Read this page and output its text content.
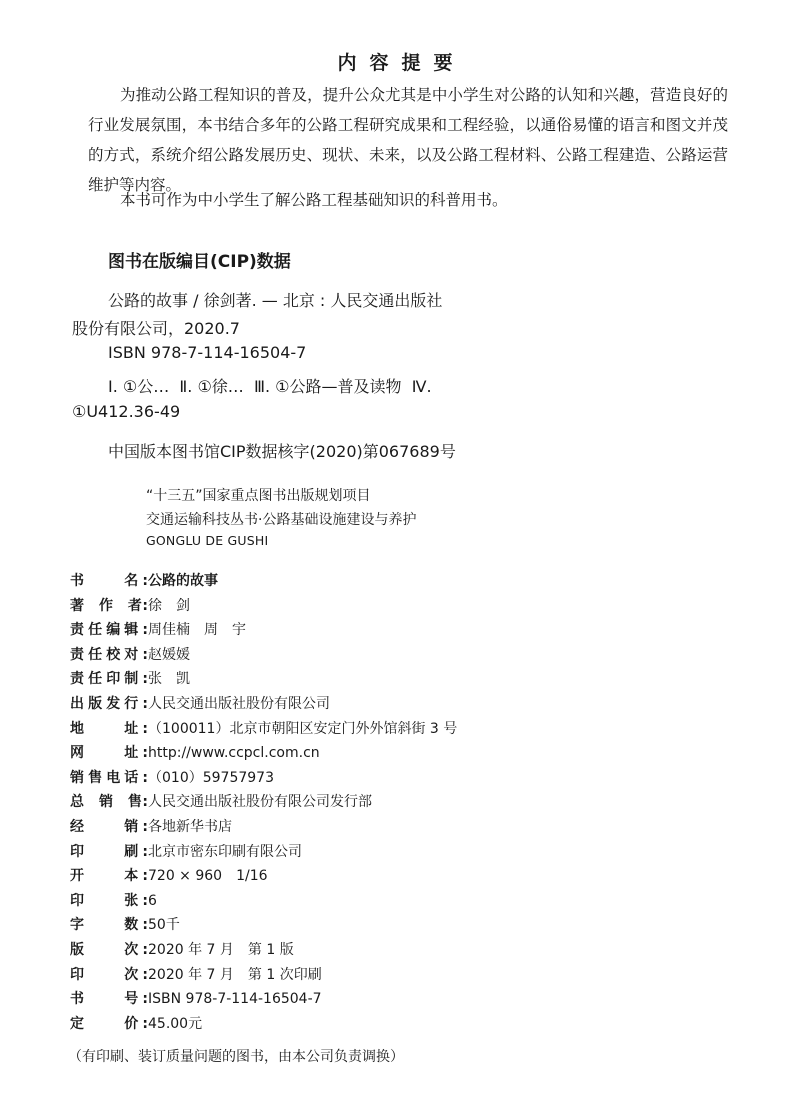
内容提要

为推动公路工程知识的普及，提升公众尤其是中小学生对公路的认知和兴趣，营造良好的行业发展氛围，本书结合多年的公路工程研究成果和工程经验，以通俗易懂的语言和图文并茂的方式，系统介绍公路发展历史、现状、未来，以及公路工程材料、公路工程建造、公路运营维护等内容。

本书可作为中小学生了解公路工程基础知识的科普用书。

图书在版编目(CIP)数据

公路的故事 / 徐剑著. — 北京 : 人民交通出版社

股份有限公司，2020.7

ISBN 978-7-114-16504-7

Ⅰ. ①公…  Ⅱ. ①徐…  Ⅲ. ①公路—普及读物  Ⅳ.

①U412.36-49

中国版本图书馆CIP数据核字(2020)第067689号

“十三五”国家重点图书出版规划项目
交通运输科技丛书·公路基础设施建设与养护
GONGLU DE GUSHI
书　　名:公路的故事
著　作　者:徐　剑
责任编辑:周佳楠　周　宇
责任校对:赵媛媛
责任印制:张　凯
出版发行:人民交通出版社股份有限公司
地　　址:（100011）北京市朝阳区安定门外外馆斜街 3 号
网　　址:http://www.ccpcl.com.cn
销售电话:（010）59757973
总　销　售:人民交通出版社股份有限公司发行部
经　　销:各地新华书店
印　　刷:北京市密东印刷有限公司
开　　本:720 × 960　1/16
印　　张:6
字　　数:50千
版　　次:2020 年 7 月　第 1 版
印　　次:2020 年 7 月　第 1 次印刷
书　　号:ISBN 978-7-114-16504-7
定　　价:45.00元
（有印刷、装订质量问题的图书，由本公司负责调换）
